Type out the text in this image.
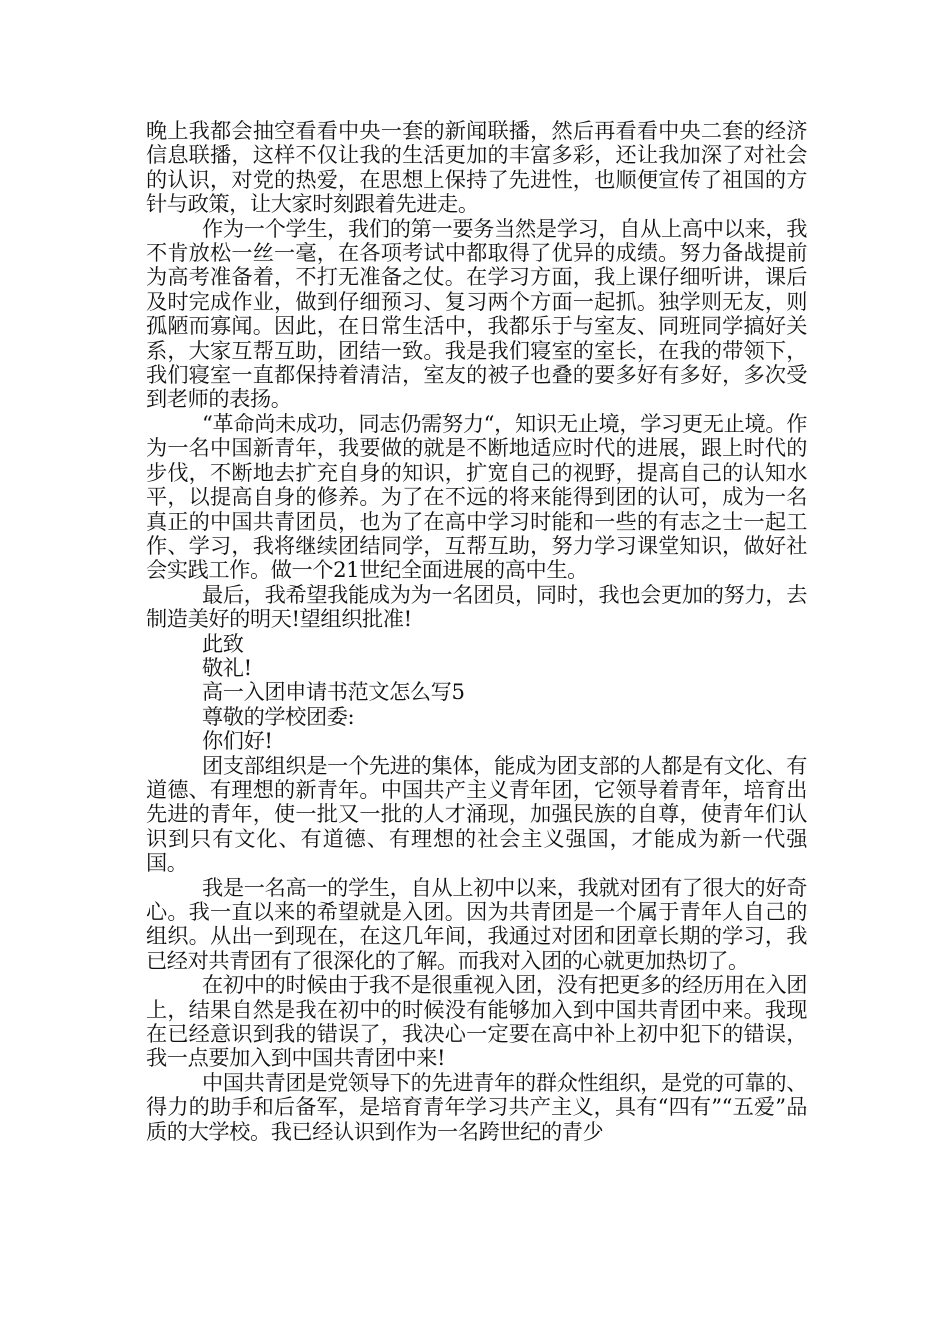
晚上我都会抽空看看中央一套的新闻联播，然后再看看中央二套的经济信息联播，这样不仅让我的生活更加的丰富多彩，还让我加深了对社会的认识，对党的热爱，在思想上保持了先进性，也顺便宣传了祖国的方针与政策，让大家时刻跟着先进走。

作为一个学生，我们的第一要务当然是学习，自从上高中以来，我不肯放松一丝一毫，在各项考试中都取得了优异的成绩。努力备战提前为高考准备着，不打无准备之仗。在学习方面，我上课仔细听讲，课后及时完成作业，做到仔细预习、复习两个方面一起抓。独学则无友，则孤陋而寡闻。因此，在日常生活中，我都乐于与室友、同班同学搞好关系，大家互帮互助，团结一致。我是我们寝室的室长，在我的带领下，我们寝室一直都保持着清洁，室友的被子也叠的要多好有多好，多次受到老师的表扬。

“革命尚未成功，同志仍需努力“，知识无止境，学习更无止境。作为一名中国新青年，我要做的就是不断地适应时代的进展，跟上时代的步伐，不断地去扩充自身的知识，扩宽自己的视野，提高自己的认知水平，以提高自身的修养。为了在不远的将来能得到团的认可，成为一名真正的中国共青团员，也为了在高中学习时能和一些的有志之士一起工作、学习，我将继续团结同学，互帮互助，努力学习课堂知识，做好社会实践工作。做一个21世纪全面进展的高中生。

最后，我希望我能成为为一名团员，同时，我也会更加的努力，去制造美好的明天!望组织批准!

此致

敬礼!

高一入团申请书范文怎么写5

尊敬的学校团委:

你们好!

团支部组织是一个先进的集体，能成为团支部的人都是有文化、有道德、有理想的新青年。中国共产主义青年团，它领导着青年，培育出先进的青年，使一批又一批的人才涌现，加强民族的自尊，使青年们认识到只有文化、有道德、有理想的社会主义强国，才能成为新一代强国。

我是一名高一的学生，自从上初中以来，我就对团有了很大的好奇心。我一直以来的希望就是入团。因为共青团是一个属于青年人自己的组织。从出一到现在，在这几年间，我通过对团和团章长期的学习，我已经对共青团有了很深化的了解。而我对入团的心就更加热切了。

在初中的时候由于我不是很重视入团，没有把更多的经历用在入团上，结果自然是我在初中的时候没有能够加入到中国共青团中来。我现在已经意识到我的错误了，我决心一定要在高中补上初中犯下的错误，我一点要加入到中国共青团中来!

中国共青团是党领导下的先进青年的群众性组织，是党的可靠的、得力的助手和后备军，是培育青年学习共产主义，具有“四有”“五爱”品质的大学校。我已经认识到作为一名跨世纪的青少
